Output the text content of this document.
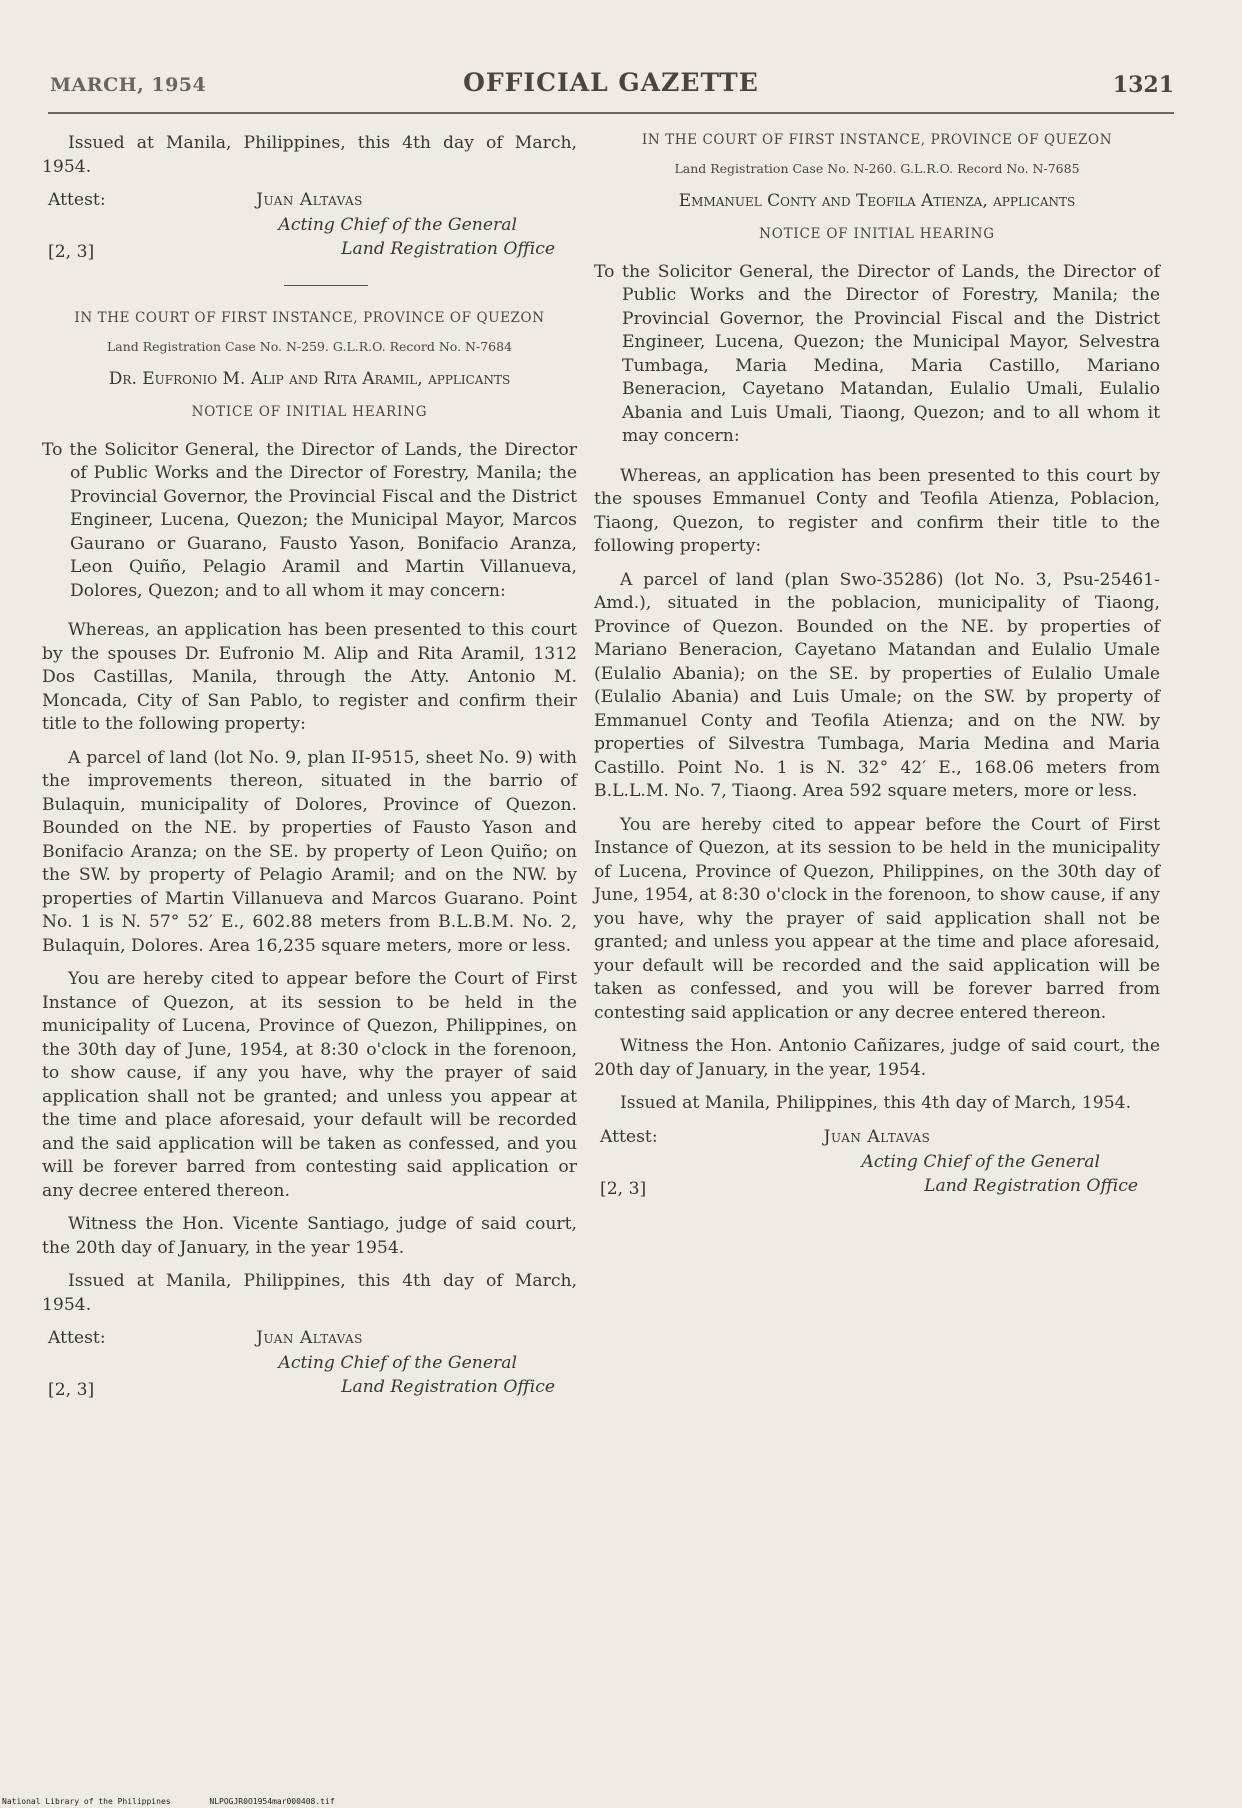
MARCH, 1954	OFFICIAL GAZETTE	1321

Issued at Manila, Philippines, this 4th day of March, 1954.

Attest:	Juan Altavas
Acting Chief of the General
Land Registration Office
[2, 3]

IN THE COURT OF FIRST INSTANCE, PROVINCE OF QUEZON

Land Registration Case No. N-259. G.L.R.O. Record No. N-7684

Dr. Eufronio M. Alip and Rita Aramil, applicants

NOTICE OF INITIAL HEARING

To the Solicitor General, the Director of Lands, the Director of Public Works and the Director of Forestry, Manila; the Provincial Governor, the Provincial Fiscal and the District Engineer, Lucena, Quezon; the Municipal Mayor, Marcos Gaurano or Guarano, Fausto Yason, Bonifacio Aranza, Leon Quiño, Pelagio Aramil and Martin Villanueva, Dolores, Quezon; and to all whom it may concern:

Whereas, an application has been presented to this court by the spouses Dr. Eufronio M. Alip and Rita Aramil, 1312 Dos Castillas, Manila, through the Atty. Antonio M. Moncada, City of San Pablo, to register and confirm their title to the following property:

A parcel of land (lot No. 9, plan II-9515, sheet No. 9) with the improvements thereon, situated in the barrio of Bulaquin, municipality of Dolores, Province of Quezon. Bounded on the NE. by properties of Fausto Yason and Bonifacio Aranza; on the SE. by property of Leon Quiño; on the SW. by property of Pelagio Aramil; and on the NW. by properties of Martin Villanueva and Marcos Guarano. Point No. 1 is N. 57° 52′ E., 602.88 meters from B.L.B.M. No. 2, Bulaquin, Dolores. Area 16,235 square meters, more or less.

You are hereby cited to appear before the Court of First Instance of Quezon, at its session to be held in the municipality of Lucena, Province of Quezon, Philippines, on the 30th day of June, 1954, at 8:30 o'clock in the forenoon, to show cause, if any you have, why the prayer of said application shall not be granted; and unless you appear at the time and place aforesaid, your default will be recorded and the said application will be taken as confessed, and you will be forever barred from contesting said application or any decree entered thereon.

Witness the Hon. Vicente Santiago, judge of said court, the 20th day of January, in the year 1954.

Issued at Manila, Philippines, this 4th day of March, 1954.

Attest:	Juan Altavas
Acting Chief of the General
Land Registration Office
[2, 3]

IN THE COURT OF FIRST INSTANCE, PROVINCE OF QUEZON

Land Registration Case No. N-260. G.L.R.O. Record No. N-7685

Emmanuel Conty and Teofila Atienza, applicants

NOTICE OF INITIAL HEARING

To the Solicitor General, the Director of Lands, the Director of Public Works and the Director of Forestry, Manila; the Provincial Governor, the Provincial Fiscal and the District Engineer, Lucena, Quezon; the Municipal Mayor, Selvestra Tumbaga, Maria Medina, Maria Castillo, Mariano Beneracion, Cayetano Matandan, Eulalio Umali, Eulalio Abania and Luis Umali, Tiaong, Quezon; and to all whom it may concern:

Whereas, an application has been presented to this court by the spouses Emmanuel Conty and Teofila Atienza, Poblacion, Tiaong, Quezon, to register and confirm their title to the following property:

A parcel of land (plan Swo-35286) (lot No. 3, Psu-25461-Amd.), situated in the poblacion, municipality of Tiaong, Province of Quezon. Bounded on the NE. by properties of Mariano Beneracion, Cayetano Matandan and Eulalio Umale (Eulalio Abania); on the SE. by properties of Eulalio Umale (Eulalio Abania) and Luis Umale; on the SW. by property of Emmanuel Conty and Teofila Atienza; and on the NW. by properties of Silvestra Tumbaga, Maria Medina and Maria Castillo. Point No. 1 is N. 32° 42′ E., 168.06 meters from B.L.L.M. No. 7, Tiaong. Area 592 square meters, more or less.

You are hereby cited to appear before the Court of First Instance of Quezon, at its session to be held in the municipality of Lucena, Province of Quezon, Philippines, on the 30th day of June, 1954, at 8:30 o'clock in the forenoon, to show cause, if any you have, why the prayer of said application shall not be granted; and unless you appear at the time and place aforesaid, your default will be recorded and the said application will be taken as confessed, and you will be forever barred from contesting said application or any decree entered thereon.

Witness the Hon. Antonio Cañizares, judge of said court, the 20th day of January, in the year, 1954.

Issued at Manila, Philippines, this 4th day of March, 1954.

Attest:	Juan Altavas
Acting Chief of the General
Land Registration Office
[2, 3]
National Library of the Philippines	NLPOGJR0O1954mar000408.tif
